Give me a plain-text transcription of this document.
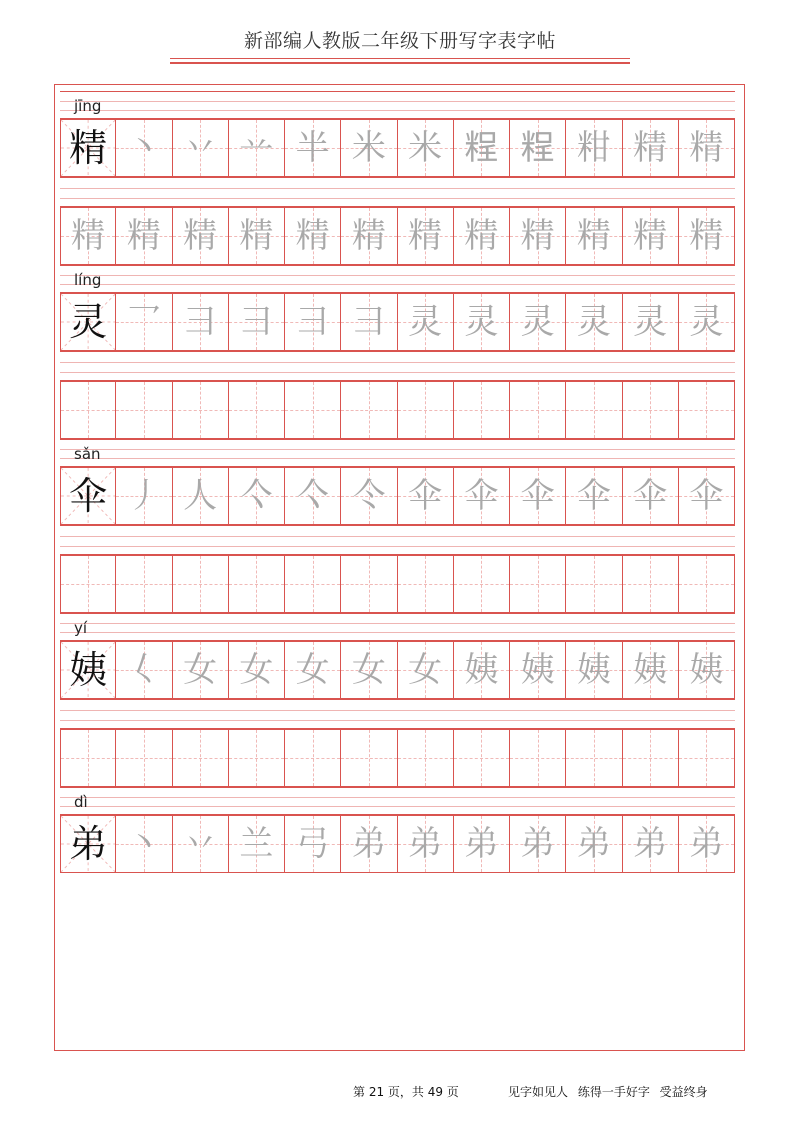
新部编人教版二年级下册写字表字帖
jīng
精 丶 丷 䒑 半 米 米 𥺆 𥺆 粓 精 精
精 精 精 精 精 精 精 精 精 精 精 精
líng
灵 乛 彐 彐 彐 彐 灵 灵 灵 灵 灵 灵
sǎn
伞 丿 人 亽 亽 仒 伞 伞 伞 伞 伞 伞
yí
姨 𡿨 女 女 女 女 女 姨 姨 姨 姨 姨
dì
弟 丶 丷 兰 弓 弟 弟 弟 弟 弟 弟 弟
第 21 页，共 49 页	见字如见人 练得一手好字 受益终身
